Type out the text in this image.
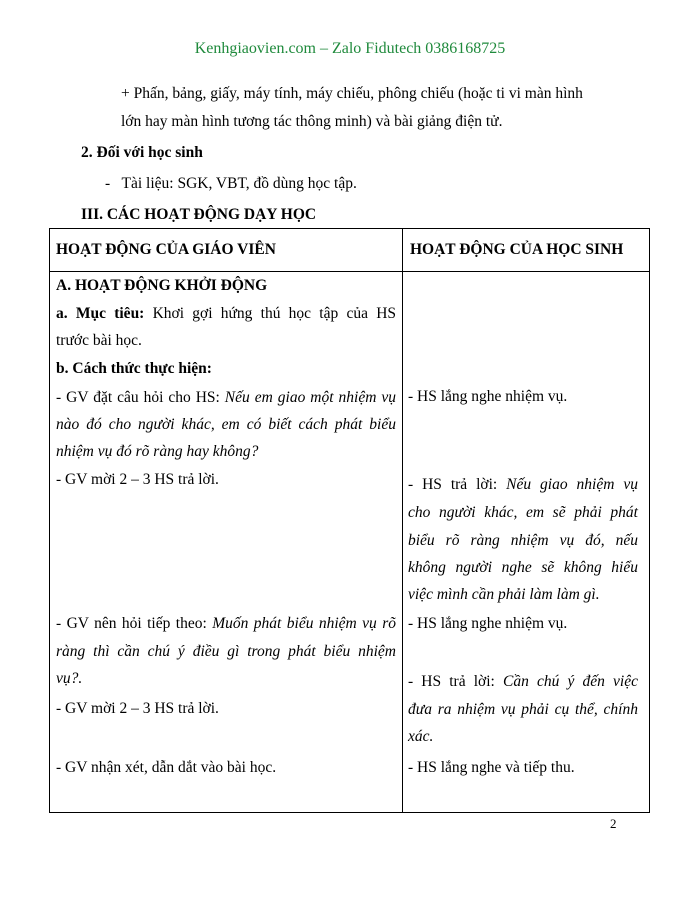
Kenhgiaovien.com – Zalo Fidutech 0386168725
+ Phấn, bảng, giấy, máy tính, máy chiếu, phông chiếu (hoặc ti vi màn hình
lớn hay màn hình tương tác thông minh) và bài giảng điện tử.
2. Đối với học sinh
-   Tài liệu: SGK, VBT, đồ dùng học tập.
III. CÁC HOẠT ĐỘNG DẠY HỌC
HOẠT ĐỘNG CỦA GIÁO VIÊN	HOẠT ĐỘNG CỦA HỌC SINH
A. HOẠT ĐỘNG KHỞI ĐỘNG
a. Mục tiêu: Khơi gợi hứng thú học tập của HS
trước bài học.
b. Cách thức thực hiện:
- GV đặt câu hỏi cho HS: Nếu em giao một nhiệm vụ
nào đó cho người khác, em có biết cách phát biểu
nhiệm vụ đó rõ ràng hay không?
- GV mời 2 – 3 HS trả lời.
- GV nên hỏi tiếp theo: Muốn phát biểu nhiệm vụ rõ
ràng thì cần chú ý điều gì trong phát biểu nhiệm
vụ?.
- GV mời 2 – 3 HS trả lời.
- GV nhận xét, dẫn dắt vào bài học.
- HS lắng nghe nhiệm vụ.
- HS trả lời: Nếu giao nhiệm vụ
cho người khác, em sẽ phải phát
biểu rõ ràng nhiệm vụ đó, nếu
không người nghe sẽ không hiểu
việc mình cần phải làm làm gì.
- HS lắng nghe nhiệm vụ.
- HS trả lời: Cần chú ý đến việc
đưa ra nhiệm vụ phải cụ thể, chính
xác.
- HS lắng nghe và tiếp thu.
2
